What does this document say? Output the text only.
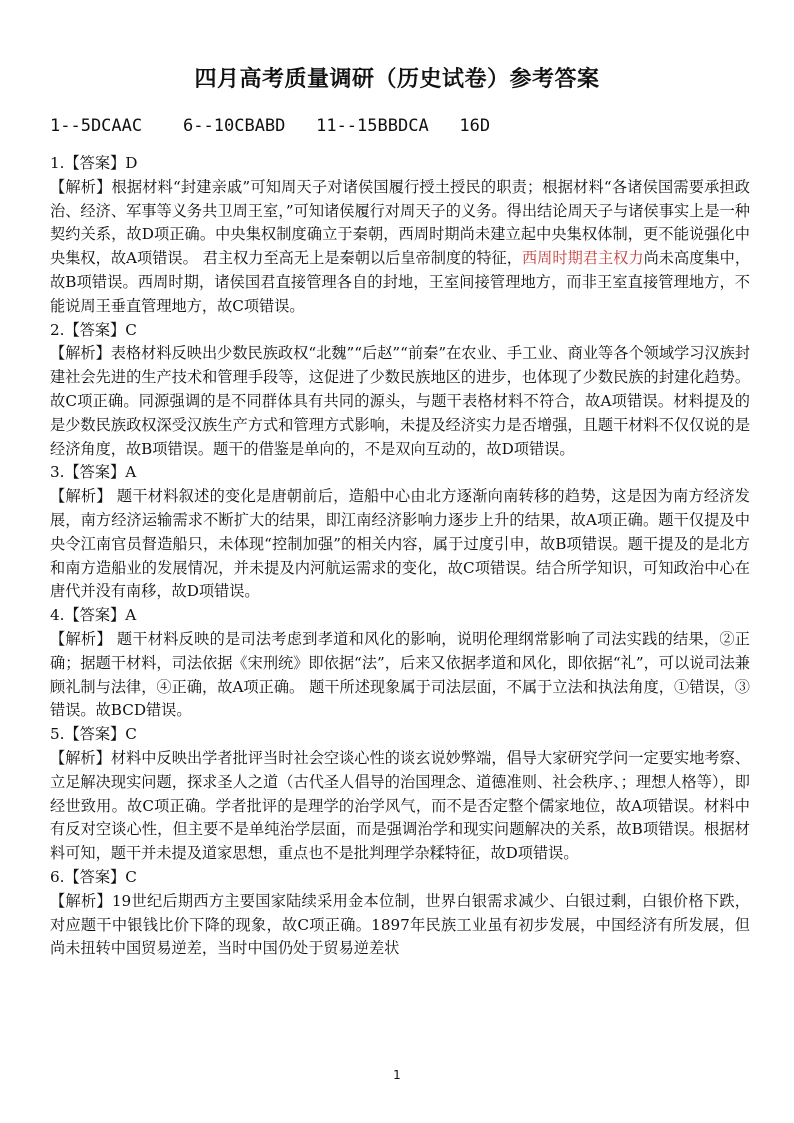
四月高考质量调研（历史试卷）参考答案
1--5DCAAC    6--10CBABD   11--15BBDCA   16D
1.【答案】D
【解析】根据材料“封建亲戚”可知周天子对诸侯国履行授土授民的职责；根据材料“各诸侯国需要承担政治、经济、军事等义务共卫周王室，”可知诸侯履行对周天子的义务。得出结论周天子与诸侯事实上是一种契约关系，故D项正确。中央集权制度确立于秦朝，西周时期尚未建立起中央集权体制，更不能说强化中央集权，故A项错误。 君主权力至高无上是秦朝以后皇帝制度的特征，西周时期君主权力尚未高度集中，故B项错误。西周时期，诸侯国君直接管理各自的封地，王室间接管理地方，而非王室直接管理地方，不能说周王垂直管理地方，故C项错误。
2.【答案】C
【解析】表格材料反映出少数民族政权“北魏”“后赵”“前秦”在农业、手工业、商业等各个领域学习汉族封建社会先进的生产技术和管理手段等，这促进了少数民族地区的进步，也体现了少数民族的封建化趋势。故C项正确。同源强调的是不同群体具有共同的源头，与题干表格材料不符合，故A项错误。材料提及的是少数民族政权深受汉族生产方式和管理方式影响，未提及经济实力是否增强，且题干材料不仅仅说的是经济角度，故B项错误。题干的借鉴是单向的，不是双向互动的，故D项错误。
3.【答案】A
【解析】 题干材料叙述的变化是唐朝前后，造船中心由北方逐渐向南转移的趋势，这是因为南方经济发展，南方经济运输需求不断扩大的结果，即江南经济影响力逐步上升的结果，故A项正确。题干仅提及中央令江南官员督造船只，未体现“控制加强”的相关内容，属于过度引申，故B项错误。题干提及的是北方和南方造船业的发展情况，并未提及内河航运需求的变化，故C项错误。结合所学知识，可知政治中心在唐代并没有南移，故D项错误。
4.【答案】A
【解析】 题干材料反映的是司法考虑到孝道和风化的影响，说明伦理纲常影响了司法实践的结果，②正确；据题干材料，司法依据《宋刑统》即依据“法”，后来又依据孝道和风化，即依据“礼”，可以说司法兼顾礼制与法律，④正确，故A项正确。 题干所述现象属于司法层面，不属于立法和执法角度，①错误，③错误。故BCD错误。
5.【答案】C
【解析】材料中反映出学者批评当时社会空谈心性的谈玄说妙弊端，倡导大家研究学问一定要实地考察、立足解决现实问题，探求圣人之道（古代圣人倡导的治国理念、道德准则、社会秩序、；理想人格等），即经世致用。故C项正确。学者批评的是理学的治学风气，而不是否定整个儒家地位，故A项错误。材料中有反对空谈心性，但主要不是单纯治学层面，而是强调治学和现实问题解决的关系，故B项错误。根据材料可知，题干并未提及道家思想，重点也不是批判理学杂糅特征，故D项错误。
6.【答案】C
【解析】19世纪后期西方主要国家陆续采用金本位制，世界白银需求减少、白银过剩，白银价格下跌，对应题干中银钱比价下降的现象，故C项正确。1897年民族工业虽有初步发展，中国经济有所发展，但尚未扭转中国贸易逆差，当时中国仍处于贸易逆差状
1
